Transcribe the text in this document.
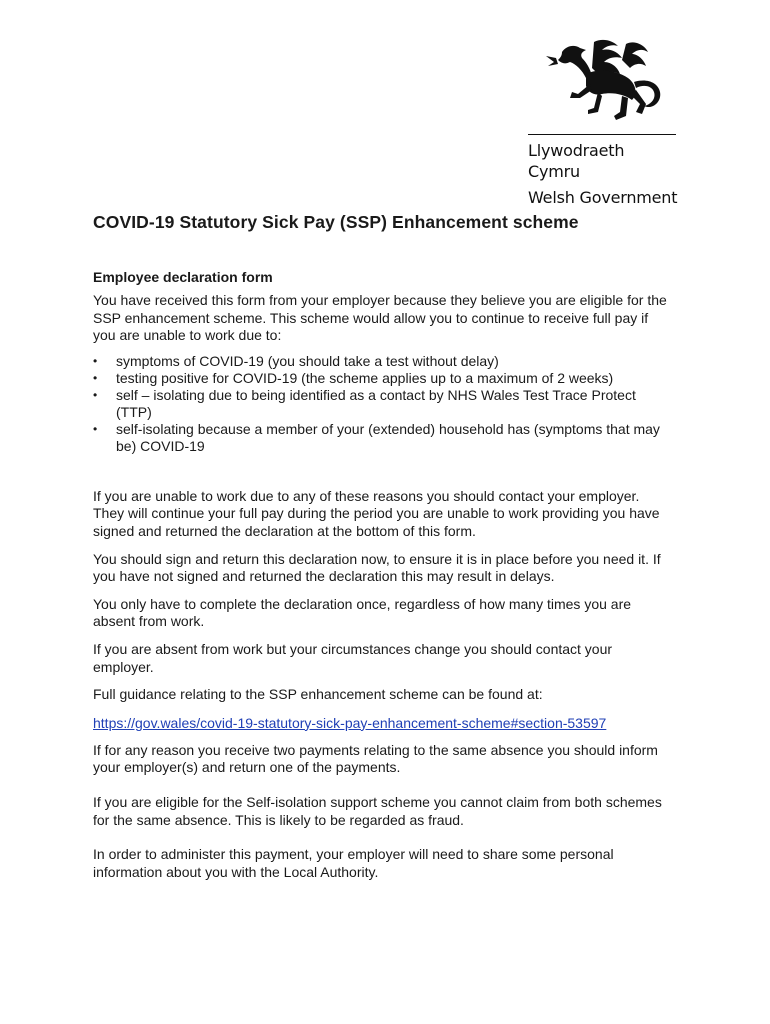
Llywodraeth Cymru
Welsh Government
COVID-19 Statutory Sick Pay (SSP) Enhancement scheme
Employee declaration form

You have received this form from your employer because they believe you are eligible for the SSP enhancement scheme. This scheme would allow you to continue to receive full pay if you are unable to work due to:

• symptoms of COVID-19 (you should take a test without delay)
• testing positive for COVID-19 (the scheme applies up to a maximum of 2 weeks)
• self – isolating due to being identified as a contact by NHS Wales Test Trace Protect (TTP)
• self-isolating because a member of your (extended) household has (symptoms that may be) COVID-19

If you are unable to work due to any of these reasons you should contact your employer. They will continue your full pay during the period you are unable to work providing you have signed and returned the declaration at the bottom of this form.

You should sign and return this declaration now, to ensure it is in place before you need it. If you have not signed and returned the declaration this may result in delays.

You only have to complete the declaration once, regardless of how many times you are absent from work.

If you are absent from work but your circumstances change you should contact your employer.

Full guidance relating to the SSP enhancement scheme can be found at:

https://gov.wales/covid-19-statutory-sick-pay-enhancement-scheme#section-53597

If for any reason you receive two payments relating to the same absence you should inform your employer(s) and return one of the payments.

If you are eligible for the Self-isolation support scheme you cannot claim from both schemes for the same absence. This is likely to be regarded as fraud.

In order to administer this payment, your employer will need to share some personal information about you with the Local Authority.
